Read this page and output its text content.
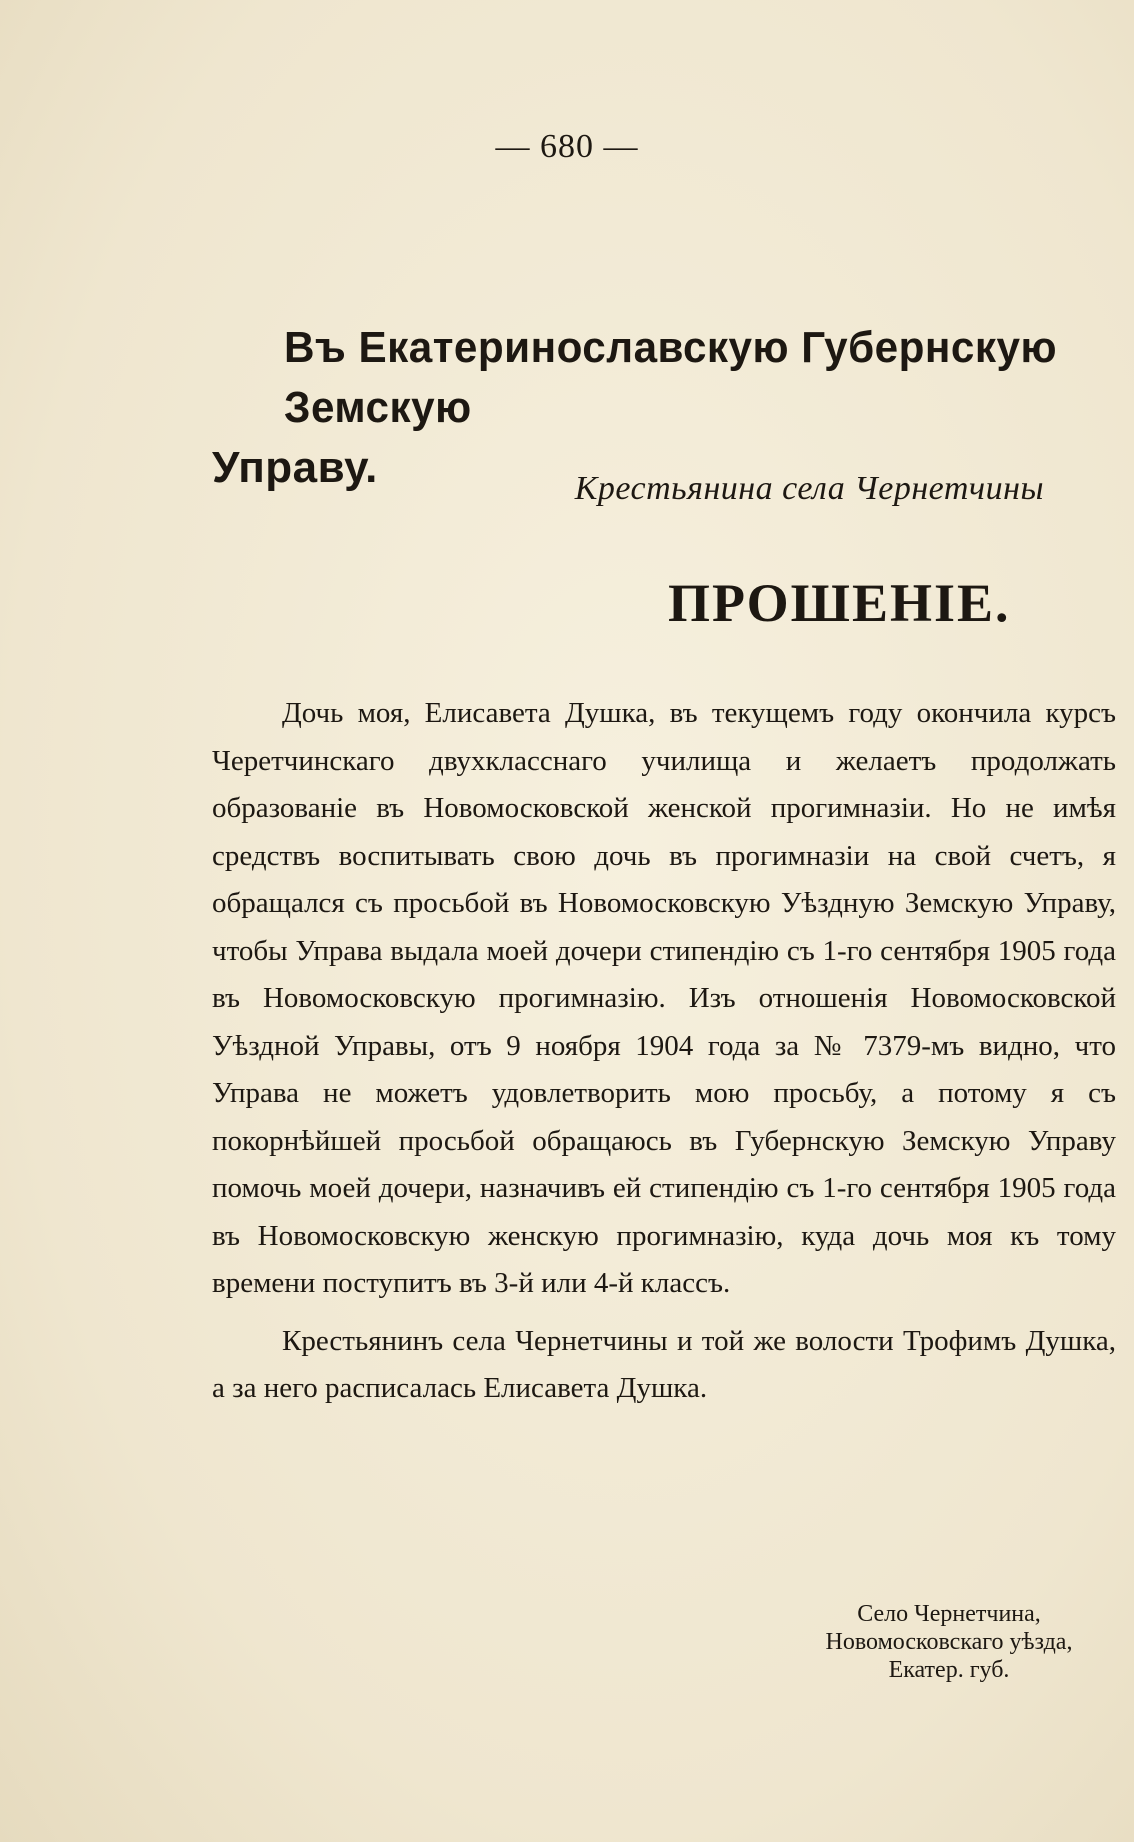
— 680 —
Въ Екатеринославскую Губернскую Земскую
Управу.	Крестьянина села Чернетчины
ПРОШЕНІЕ.

Дочь моя, Елисавета Душка, въ текущемъ году окончила курсъ Черетчинскаго двухкласснаго училища и желаетъ продолжать образованіе въ Новомосковской женской прогимназіи. Но не имѣя средствъ воспитывать свою дочь въ прогимназіи на свой счетъ, я обращался съ просьбой въ Новомосковскую Уѣздную Земскую Управу, чтобы Управа выдала моей дочери стипендію съ 1-го сентября 1905 года въ Новомосковскую прогимназію. Изъ отношенія Новомосковской Уѣздной Управы, отъ 9 ноября 1904 года за № 7379-мъ видно, что Управа не можетъ удовлетворить мою просьбу, а потому я съ покорнѣйшей просьбой обращаюсь въ Губернскую Земскую Управу помочь моей дочери, назначивъ ей стипендію съ 1-го сентября 1905 года въ Новомосковскую женскую прогимназію, куда дочь моя къ тому времени поступитъ въ 3-й или 4-й классъ.

Крестьянинъ села Чернетчины и той же волости Трофимъ Душка, а за него расписалась Елисавета Душка.

Село Чернетчина,
Новомосковскаго уѣзда,
Екатер. губ.
